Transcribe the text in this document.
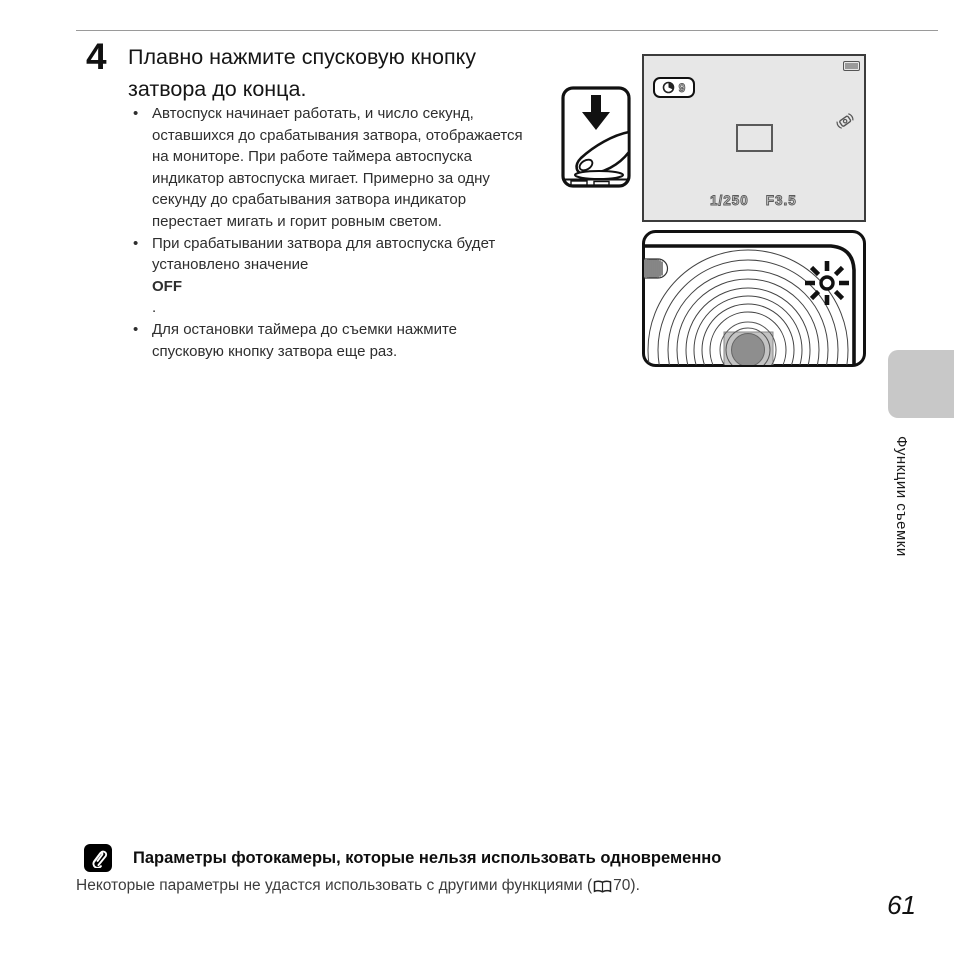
4 Плавно нажмите спусковую кнопку
затвора до конца.
• Автоспуск начинает работать, и число секунд,
оставшихся до срабатывания затвора, отображается
на мониторе. При работе таймера автоспуска
индикатор автоспуска мигает. Примерно за одну
секунду до срабатывания затвора индикатор
перестает мигать и горит ровным светом.
• При срабатывании затвора для автоспуска будет
установлено значение
OFF
.
• Для остановки таймера до съемки нажмите
спусковую кнопку затвора еще раз.
9
1/250 F3.5
Функции съемки
Параметры фотокамеры, которые нельзя использовать одновременно
Некоторые параметры не удастся использовать с другими функциями ( 70 ).
61
